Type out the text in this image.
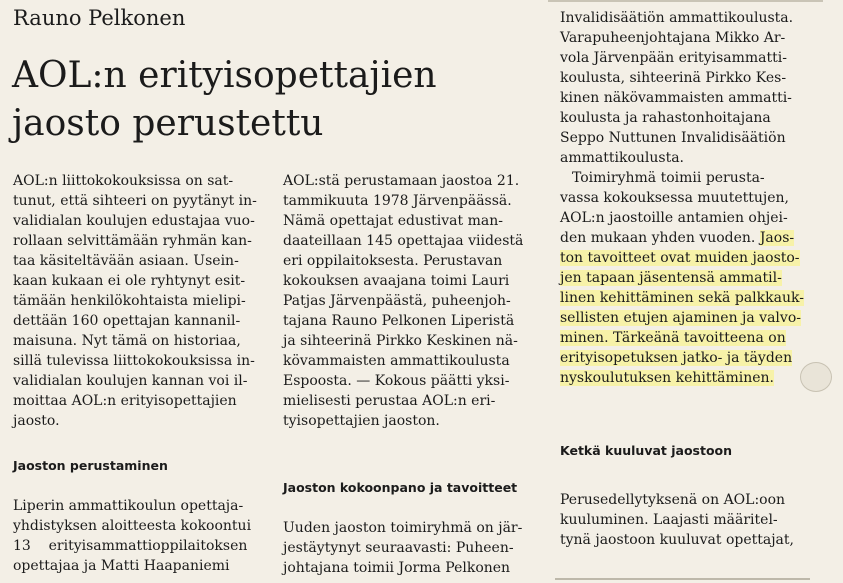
Rauno Pelkonen
AOL:n erityisopettajien
jaosto perustettu
AOL:n liittokokouksissa on sat-
tunut, että sihteeri on pyytänyt in-
validialan koulujen edustajaa vuo-
rollaan selvittämään ryhmän kan-
taa käsiteltävään asiaan. Usein-
kaan kukaan ei ole ryhtynyt esit-
tämään henkilökohtaista mielipi-
dettään 160 opettajan kannanil-
maisuna. Nyt tämä on historiaa,
sillä tulevissa liittokokouksissa in-
validialan koulujen kannan voi il-
moittaa AOL:n erityisopettajien
jaosto.
Jaoston perustaminen
Liperin ammattikoulun opettaja-
yhdistyksen aloitteesta kokoontui
13    erityisammattioppilaitoksen
opettajaa ja Matti Haapaniemi
AOL:stä perustamaan jaostoa 21.
tammikuuta 1978 Järvenpäässä.
Nämä opettajat edustivat man-
daateillaan 145 opettajaa viidestä
eri oppilaitoksesta. Perustavan
kokouksen avaajana toimi Lauri
Patjas Järvenpäästä, puheenjoh-
tajana Rauno Pelkonen Liperistä
ja sihteerinä Pirkko Keskinen nä-
kövammaisten ammattikoulusta
Espoosta. — Kokous päätti yksi-
mielisesti perustaa AOL:n eri-
tyisopettajien jaoston.
Jaoston kokoonpano ja tavoitteet
Uuden jaoston toimiryhmä on jär-
jestäytynyt seuraavasti: Puheen-
johtajana toimii Jorma Pelkonen
Invalidisäätiön ammattikoulusta.
Varapuheenjohtajana Mikko Ar-
vola Järvenpään erityisammatti-
koulusta, sihteerinä Pirkko Kes-
kinen näkövammaisten ammatti-
koulusta ja rahastonhoitajana
Seppo Nuttunen Invalidisäätiön
ammattikoulusta.
Toimiryhmä toimii perusta-
vassa kokouksessa muutettujen,
AOL:n jaostoille antamien ohjei-
den mukaan yhden vuoden. Jaos-
ton tavoitteet ovat muiden jaosto-
jen tapaan jäsentensä ammatil-
linen kehittäminen sekä palkkauk-
sellisten etujen ajaminen ja valvo-
minen. Tärkeänä tavoitteena on
erityisopetuksen jatko- ja täyden
nyskoulutuksen kehittäminen.
Ketkä kuuluvat jaostoon
Perusedellytyksenä on AOL:oon
kuuluminen. Laajasti määritel-
tynä jaostoon kuuluvat opettajat,
